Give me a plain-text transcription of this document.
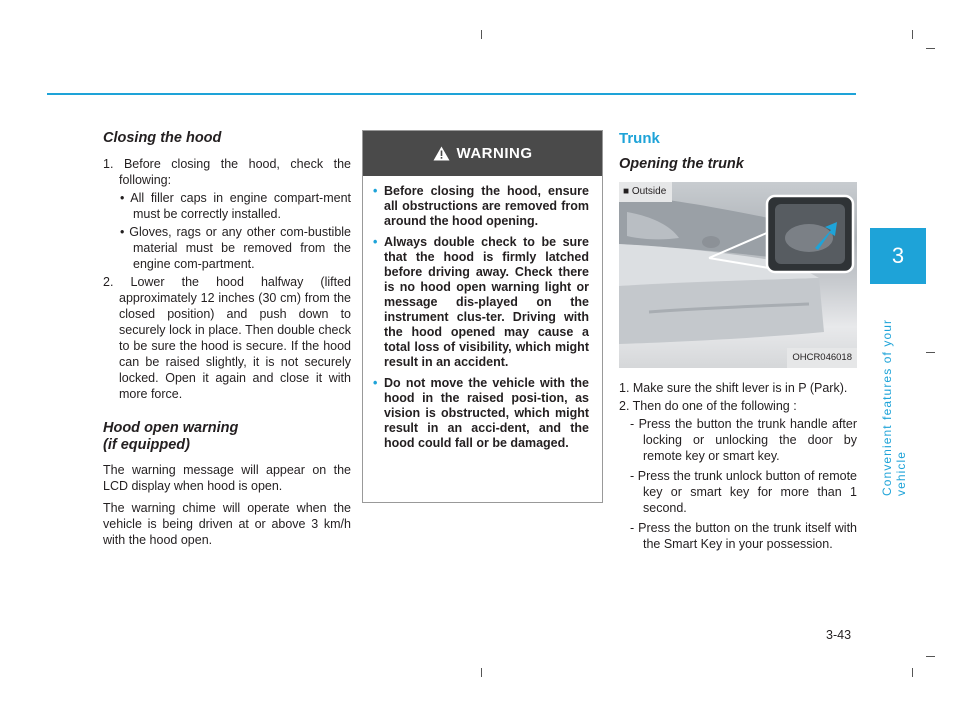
3
Convenient features of your vehicle
Closing the hood
1. Before closing the hood, check the following:
• All filler caps in engine compart-ment must be correctly installed.
• Gloves, rags or any other com-bustible material must be removed from the engine com-partment.
2. Lower the hood halfway (lifted approximately 12 inches (30 cm) from the closed position) and push down to securely lock in place. Then double check to be sure the hood is secure. If the hood can be raised slightly, it is not securely locked. Open it again and close it with more force.
Hood open warning
(if equipped)
The warning message will appear on the LCD display when hood is open.
The warning chime will operate when the vehicle is being driven at or above 3 km/h with the hood open.
WARNING
• Before closing the hood, ensure all obstructions are removed from around the hood opening.
• Always double check to be sure that the hood is firmly latched before driving away. Check there is no hood open warning light or message dis-played on the instrument clus-ter. Driving with the hood opened may cause a total loss of visibility, which might result in an accident.
• Do not move the vehicle with the hood in the raised posi-tion, as vision is obstructed, which might result in an acci-dent, and the hood could fall or be damaged.
Trunk
Opening the trunk
■ Outside
OHCR046018
1. Make sure the shift lever is in P (Park).
2. Then do one of the following :
- Press the button the trunk handle after locking or unlocking the door by remote key or smart key.
- Press the trunk unlock button of remote key or smart key for more than 1 second.
- Press the button on the trunk itself with the Smart Key in your possession.
3-43
